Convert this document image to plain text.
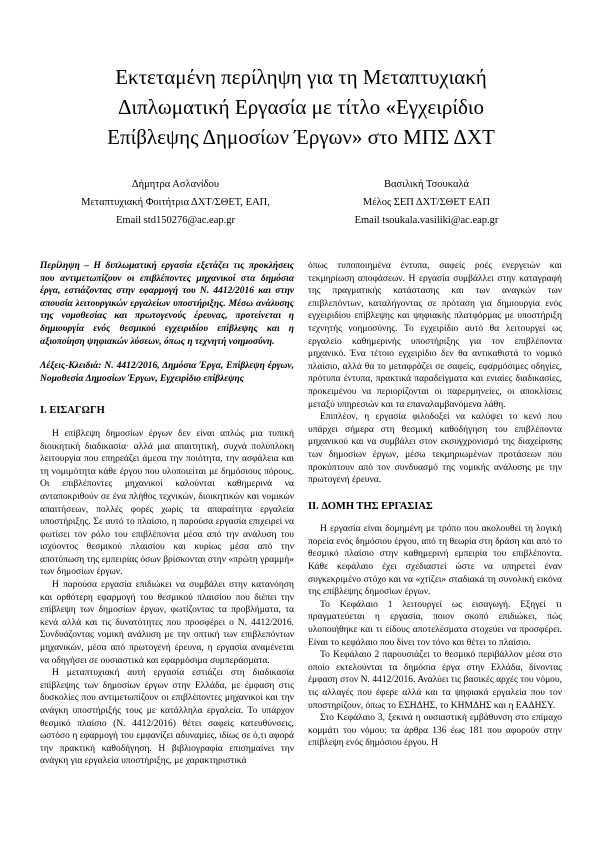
Εκτεταμένη περίληψη για τη Μεταπτυχιακή Διπλωματική Εργασία με τίτλο «Εγχειρίδιο Επίβλεψης Δημοσίων Έργων» στο ΜΠΣ ΔΧΤ
Δήμητρα Ασλανίδου
Μεταπτυχιακή Φοιτήτρια ΔΧΤ/ΣΘΕΤ, ΕΑΠ,
Email std150276@ac.eap.gr
Βασιλική Τσουκαλά
Μέλος ΣΕΠ ΔΧΤ/ΣΘΕΤ ΕΑΠ
Email tsoukala.vasiliki@ac.eap.gr

Περίληψη – Η διπλωματική εργασία εξετάζει τις προκλήσεις που αντιμετωπίζουν οι επιβλέποντες μηχανικοί στα δημόσια έργα, εστιάζοντας στην εφαρμογή του Ν. 4412/2016 και στην απουσία λειτουργικών εργαλείων υποστήριξης. Μέσω ανάλυσης της νομοθεσίας και πρωτογενούς έρευνας, προτείνεται η δημιουργία ενός θεσμικού εγχειριδίου επίβλεψης και η αξιοποίηση ψηφιακών λύσεων, όπως η τεχνητή νοημοσύνη.

Λέξεις-Κλειδιά: Ν. 4412/2016, Δημόσια Έργα, Επίβλεψη έργων, Νομοθεσία Δημοσίων Έργων, Εγχειρίδιο επίβλεψης

I. ΕΙΣΑΓΩΓΗ

Η επίβλεψη δημοσίων έργων δεν είναι απλώς μια τυπική διοικητική διαδικασία· αλλά μια απαιτητική, συχνά πολύπλοκη λειτουργία που επηρεάζει άμεσα την ποιότητα, την ασφάλεια και τη νομιμότητα κάθε έργου που υλοποιείται με δημόσιους πόρους. Οι επιβλέποντες μηχανικοί καλούνται καθημερινά να ανταποκριθούν σε ένα πλήθος τεχνικών, διοικητικών και νομικών απαιτήσεων, πολλές φορές χωρίς τα απαραίτητα εργαλεία υποστήριξης. Σε αυτό το πλαίσιο, η παρούσα εργασία επιχειρεί να φωτίσει τον ρόλο του επιβλέποντα μέσα από την ανάλυση του ισχύοντος θεσμικού πλαισίου και κυρίως μέσα από την αποτύπωση της εμπειρίας όσων βρίσκονται στην «πρώτη γραμμή» των δημοσίων έργων.

Η παρούσα εργασία επιδιώκει να συμβάλει στην κατανόηση και ορθότερη εφαρμογή του θεσμικού πλαισίου που διέπει την επίβλεψη των δημοσίων έργων, φωτίζοντας τα προβλήματα, τα κενά αλλά και τις δυνατότητες που προσφέρει ο Ν. 4412/2016. Συνδυάζοντας νομική ανάλυση με την οπτική των επιβλεπόντων μηχανικών, μέσα από πρωτογενή έρευνα, η εργασία αναμένεται να οδηγήσει σε ουσιαστικά και εφαρμόσιμα συμπεράσματα.

Η μεταπτυχιακή αυτή εργασία εστιάζει στη διαδικασία επίβλεψης των δημοσίων έργων στην Ελλάδα, με έμφαση στις δυσκολίες που αντιμετωπίζουν οι επιβλέποντες μηχανικοί και την ανάγκη υποστήριξής τους με κατάλληλα εργαλεία. Το υπάρχον θεσμικό πλαίσιο (Ν. 4412/2016) θέτει σαφείς κατευθύνσεις, ωστόσο η εφαρμογή του εμφανίζει αδυναμίες, ιδίως σε ό,τι αφορά την πρακτική καθοδήγηση. Η βιβλιογραφία επισημαίνει την ανάγκη για εργαλεία υποστήριξης, με χαρακτηριστικά

όπως τυποποιημένα έντυπα, σαφείς ροές ενεργειών και τεκμηρίωση αποφάσεων. Η εργασία συμβάλλει στην καταγραφή της πραγματικής κατάστασης και των αναγκών των επιβλεπόντων, καταλήγοντας σε πρόταση για δημιουργία ενός εγχειριδίου επίβλεψης και ψηφιακής πλατφόρμας με υποστήριξη τεχνητής νοημοσύνης. Το εγχειρίδιο αυτό θα λειτουργεί ως εργαλείο καθημερινής υποστήριξης για τον επιβλέποντα μηχανικό. Ένα τέτοιο εγχειρίδιο δεν θα αντικαθιστά το νομικό πλαίσιο, αλλά θα το μεταφράζει σε σαφείς, εφαρμόσιμες οδηγίες, πρότυπα έντυπα, πρακτικά παραδείγματα και ενιαίες διαδικασίες, προκειμένου να περιορίζονται οι παρερμηνείες, οι αποκλίσεις μεταξύ υπηρεσιών και τα επαναλαμβανόμενα λάθη.

Επιπλέον, η εργασία φιλοδοξεί να καλύψει το κενό που υπάρχει σήμερα στη θεσμική καθοδήγηση του επιβλέποντα μηχανικού και να συμβάλει στον εκσυγχρονισμό της διαχείρισης των δημοσίων έργων, μέσω τεκμηριωμένων προτάσεων που προκύπτουν από τον συνδυασμό της νομικής ανάλυσης με την πρωτογενή έρευνα.

II. ΔΟΜΗ ΤΗΣ ΕΡΓΑΣΙΑΣ

Η εργασία είναι δομημένη με τρόπο που ακολουθεί τη λογική πορεία ενός δημόσιου έργου, από τη θεωρία στη δράση και από το θεσμικό πλαίσιο στην καθημερινή εμπειρία του επιβλέποντα. Κάθε κεφάλαιο έχει σχεδιαστεί ώστε να υπηρετεί έναν συγκεκριμένο στόχο και να «χτίζει» σταδιακά τη συνολική εικόνα της επίβλεψης δημοσίων έργων.

Το Κεφάλαιο 1 λειτουργεί ως εισαγωγή. Εξηγεί τι πραγματεύεται η εργασία, ποιον σκοπό επιδιώκει, πώς υλοποιήθηκε και τι είδους αποτελέσματα στοχεύει να προσφέρει. Είναι το κεφάλαιο που δίνει τον τόνο και θέτει το πλαίσιο.

Το Κεφάλαιο 2 παρουσιάζει το θεσμικό περιβάλλον μέσα στο οποίο εκτελούνται τα δημόσια έργα στην Ελλάδα, δίνοντας έμφαση στον Ν. 4412/2016. Αναλύει τις βασικές αρχές του νόμου, τις αλλαγές που έφερε αλλά και τα ψηφιακά εργαλεία που τον υποστηρίζουν, όπως το ΕΣΗΔΗΣ, το ΚΗΜΔΗΣ και η ΕΑΔΗΣΥ.

Στο Κεφάλαιο 3, ξεκινά η ουσιαστική εμβάθυνση στο επίμαχο κομμάτι του νόμου: τα άρθρα 136 έως 181 που αφορούν στην επίβλεψη ενός δημόσιου έργου. Η
